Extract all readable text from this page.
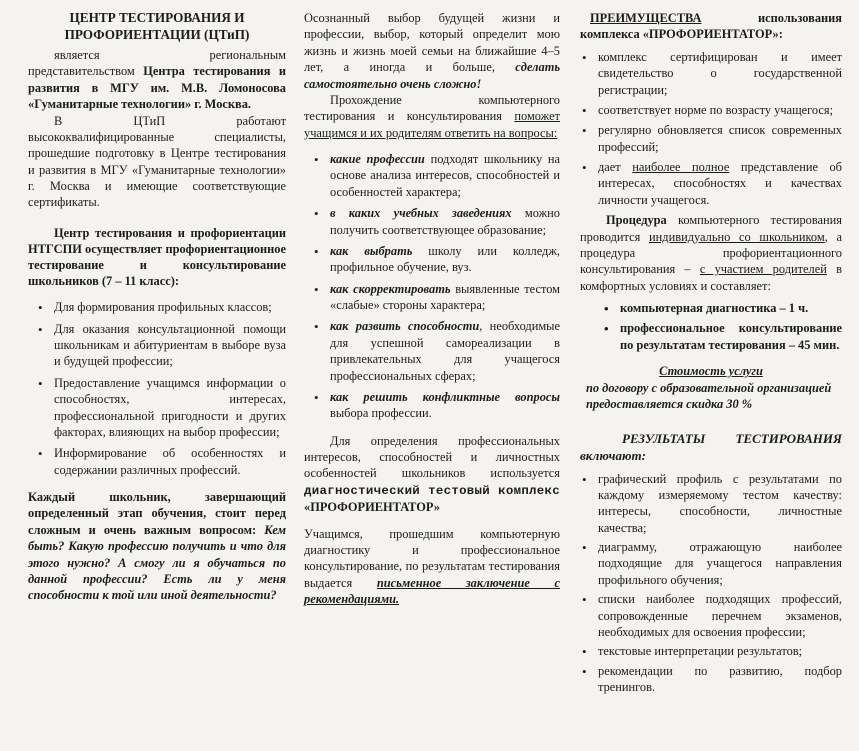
ЦЕНТР ТЕСТИРОВАНИЯ И ПРОФОРИЕНТАЦИИ (ЦТиП)

является региональным представительством Центра тестирования и развития в МГУ им. М.В. Ломоносова «Гуманитарные технологии» г. Москва.

В ЦТиП работают высококвалифицированные специалисты, прошедшие подготовку в Центре тестирования и развития в МГУ «Гуманитарные технологии» г. Москва и имеющие соответствующие сертификаты.

Центр тестирования и профориентации НТГСПИ осуществляет профориентационное тестирование и консультирование школьников (7 – 11 класс):
• Для формирования профильных классов;
• Для оказания консультационной помощи школьникам и абитуриентам в выборе вуза и будущей профессии;
• Предоставление учащимся информации о способностях, интересах, профессиональной пригодности и других факторах, влияющих на выбор профессии;
• Информирование об особенностях и содержании различных профессий.

Каждый школьник, завершающий определенный этап обучения, стоит перед сложным и очень важным вопросом: Кем быть? Какую профессию получить и что для этого нужно? А смогу ли я обучаться по данной профессии? Есть ли у меня способности к той или иной деятельности?

Осознанный выбор будущей жизни и профессии, выбор, который определит мою жизнь и жизнь моей семьи на ближайшие 4–5 лет, а иногда и больше, сделать самостоятельно очень сложно!

Прохождение компьютерного тестирования и консультирования поможет учащимся и их родителям ответить на вопросы:

• какие профессии подходят школьнику на основе анализа интересов, способностей и особенностей характера;
• в каких учебных заведениях можно получить соответствующее образование;
• как выбрать школу или колледж, профильное обучение, вуз.
• как скорректировать выявленные тестом «слабые» стороны характера;
• как развить способности, необходимые для успешной самореализации в привлекательных для учащегося профессиональных сферах;
• как решить конфликтные вопросы выбора профессии.

Для определения профессиональных интересов, способностей и личностных особенностей школьников используется диагностический тестовый комплекс «ПРОФОРИЕНТАТОР»

Учащимся, прошедшим компьютерную диагностику и профессиональное консультирование, по результатам тестирования выдается письменное заключение с рекомендациями.

ПРЕИМУЩЕСТВА использования комплекса «ПРОФОРИЕНТАТОР»:

• комплекс сертифицирован и имеет свидетельство о государственной регистрации;
• соответствует норме по возрасту учащегося;
• регулярно обновляется список современных профессий;
• дает наиболее полное представление об интересах, способностях и качествах личности учащегося.

Процедура компьютерного тестирования проводится индивидуально со школьником, а процедура профориентационного консультирования – с участием родителей в комфортных условиях и составляет:

• компьютерная диагностика – 1 ч.
• профессиональное консультирование по результатам тестирования – 45 мин.
Стоимость услуги

по договору с образовательной организацией предоставляется скидка 30 %

РЕЗУЛЬТАТЫ ТЕСТИРОВАНИЯ
включают:
• графический профиль с результатами по каждому измеряемому тестом качеству: интересы, способности, личностные качества;
• диаграмму, отражающую наиболее подходящие для учащегося направления профильного обучения;
• списки наиболее подходящих профессий, сопровожденные перечнем экзаменов, необходимых для освоения профессии;
• текстовые интерпретации результатов;
• рекомендации по развитию, подбор тренингов.
